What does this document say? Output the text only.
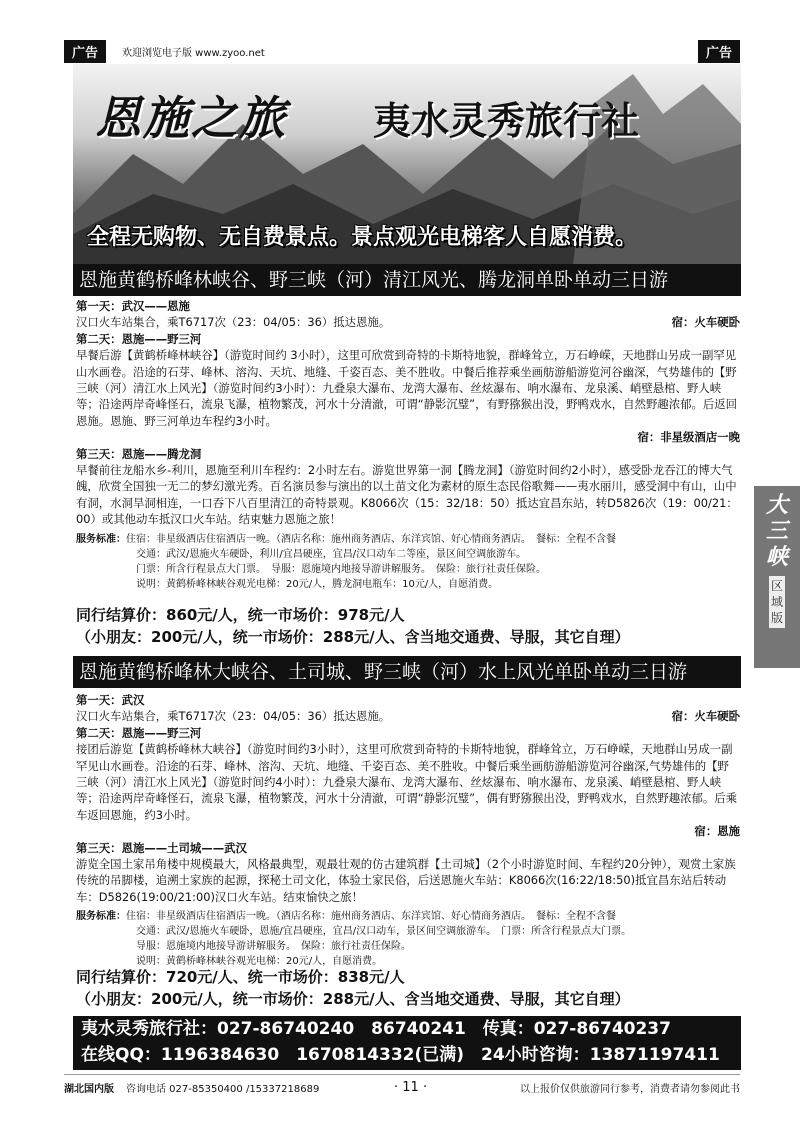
广告	欢迎浏览电子版 www.zyoo.net	广告
恩施之旅 夷水灵秀旅行社
全程无购物、无自费景点。景点观光电梯客人自愿消费。
恩施黄鹤桥峰林峡谷、野三峡（河）清江风光、腾龙洞单卧单动三日游

第一天：武汉——恩施

宿：火车硬卧
汉口火车站集合，乘T6717次（23：04/05：36）抵达恩施。

第二天：恩施——野三河

早餐后游【黄鹤桥峰林峡谷】（游览时间约 3小时），这里可欣赏到奇特的卡斯特地貌，群峰耸立，万石峥嵘，天地群山另成一副罕见山水画卷。沿途的石芽、峰林、溶沟、天坑、地缝、千姿百态、美不胜收。中餐后推荐乘坐画舫游船游览河谷幽深，气势雄伟的【野三峡（河）清江水上风光】（游览时间约3小时）：九叠泉大瀑布、龙湾大瀑布、丝炫瀑布、响水瀑布、龙泉溪、峭壁悬棺、野人峡等；沿途两岸奇峰怪石，流泉飞瀑，植物繁茂，河水十分清澈，可谓“静影沉璧”，有野猕猴出没，野鸭戏水，自然野趣浓郁。后返回恩施。恩施、野三河单边车程约3小时。

宿：非星级酒店一晚

第三天：恩施——腾龙洞

早餐前往龙船水乡-利川，恩施至利川车程约：2小时左右。游览世界第一洞【腾龙洞】（游览时间约2小时），感受卧龙吞江的博大气魄，欣赏全国独一无二的梦幻激光秀。百名演员参与演出的以土苗文化为素材的原生态民俗歌舞——夷水丽川，感受洞中有山，山中有洞，水洞旱洞相连，一口吞下八百里清江的奇特景观。K8066次（15：32/18：50）抵达宜昌东站，转D5826次（19：00/21：00）或其他动车抵汉口火车站。结束魅力恩施之旅！

服务标准：住宿：非星级酒店住宿酒店一晚。（酒店名称：施州商务酒店、东洋宾馆、好心情商务酒店。　 餐标：全程不含餐

交通：武汉/恩施火车硬卧，利川/宜昌硬座，宜昌/汉口动车二等座，景区间空调旅游车。

门票：所含行程景点大门票。　 导服：恩施境内地接导游讲解服务。　 保险：旅行社责任保险。

说明：黄鹤桥峰林峡谷观光电梯：20元/人，腾龙洞电瓶车：10元/人，自愿消费。

同行结算价：860元/人，统一市场价：978元/人
（小朋友：200元/人，统一市场价：288元/人、含当地交通费、导服，其它自理）
恩施黄鹤桥峰林大峡谷、土司城、野三峡（河）水上风光单卧单动三日游

第一天：武汉

宿：火车硬卧
汉口火车站集合，乘T6717次（23：04/05：36）抵达恩施。

第二天：恩施——野三河

接团后游览【黄鹤桥峰林大峡谷】（游览时间约3小时），这里可欣赏到奇特的卡斯特地貌，群峰耸立，万石峥嵘，天地群山另成一副罕见山水画卷。沿途的石芽、峰林、溶沟、天坑、地缝、千姿百态、美不胜收。中餐后乘坐画舫游船游览河谷幽深,气势雄伟的【野三峡（河）清江水上风光】（游览时间约4小时）：九叠泉大瀑布、龙湾大瀑布、丝炫瀑布、响水瀑布、龙泉溪、峭壁悬棺、野人峡等；沿途两岸奇峰怪石，流泉飞瀑，植物繁茂，河水十分清澈，可谓“静影沉璧”，偶有野猕猴出没，野鸭戏水，自然野趣浓郁。后乘车返回恩施，约3小时。

宿：恩施

第三天：恩施——土司城——武汉

游览全国土家吊角楼中规模最大，风格最典型，观最壮观的仿古建筑群【土司城】（2个小时游览时间、车程约20分钟），观赏土家族传统的吊脚楼，追溯土家族的起源，探秘土司文化，体验土家民俗，后送恩施火车站：K8066次(16:22/18:50)抵宜昌东站后转动车：D5826(19:00/21:00)汉口火车站。结束愉快之旅！

服务标准：住宿：非星级酒店住宿酒店一晚。（酒店名称：施州商务酒店、东洋宾馆、好心情商务酒店。　 餐标：全程不含餐

交通：武汉/恩施火车硬卧，恩施/宜昌硬座，宜昌/汉口动车，景区间空调旅游车。　 门票：所含行程景点大门票。

导服：恩施境内地接导游讲解服务。　 保险：旅行社责任保险。

说明：黄鹤桥峰林峡谷观光电梯：20元/人，自愿消费。

同行结算价：720元/人、统一市场价：838元/人
（小朋友：200元/人，统一市场价：288元/人、含当地交通费、导服，其它自理）
夷水灵秀旅行社：027-86740240　86740241　传真：027-86740237
在线QQ：1196384630　1670814332(已满)　24小时咨询：13871197411
湖北国内版 咨询电话 027-85350400 /15337218689	· 11 ·	以上报价仅供旅游同行参考，消费者请勿参阅此书
大三峡
区域版
